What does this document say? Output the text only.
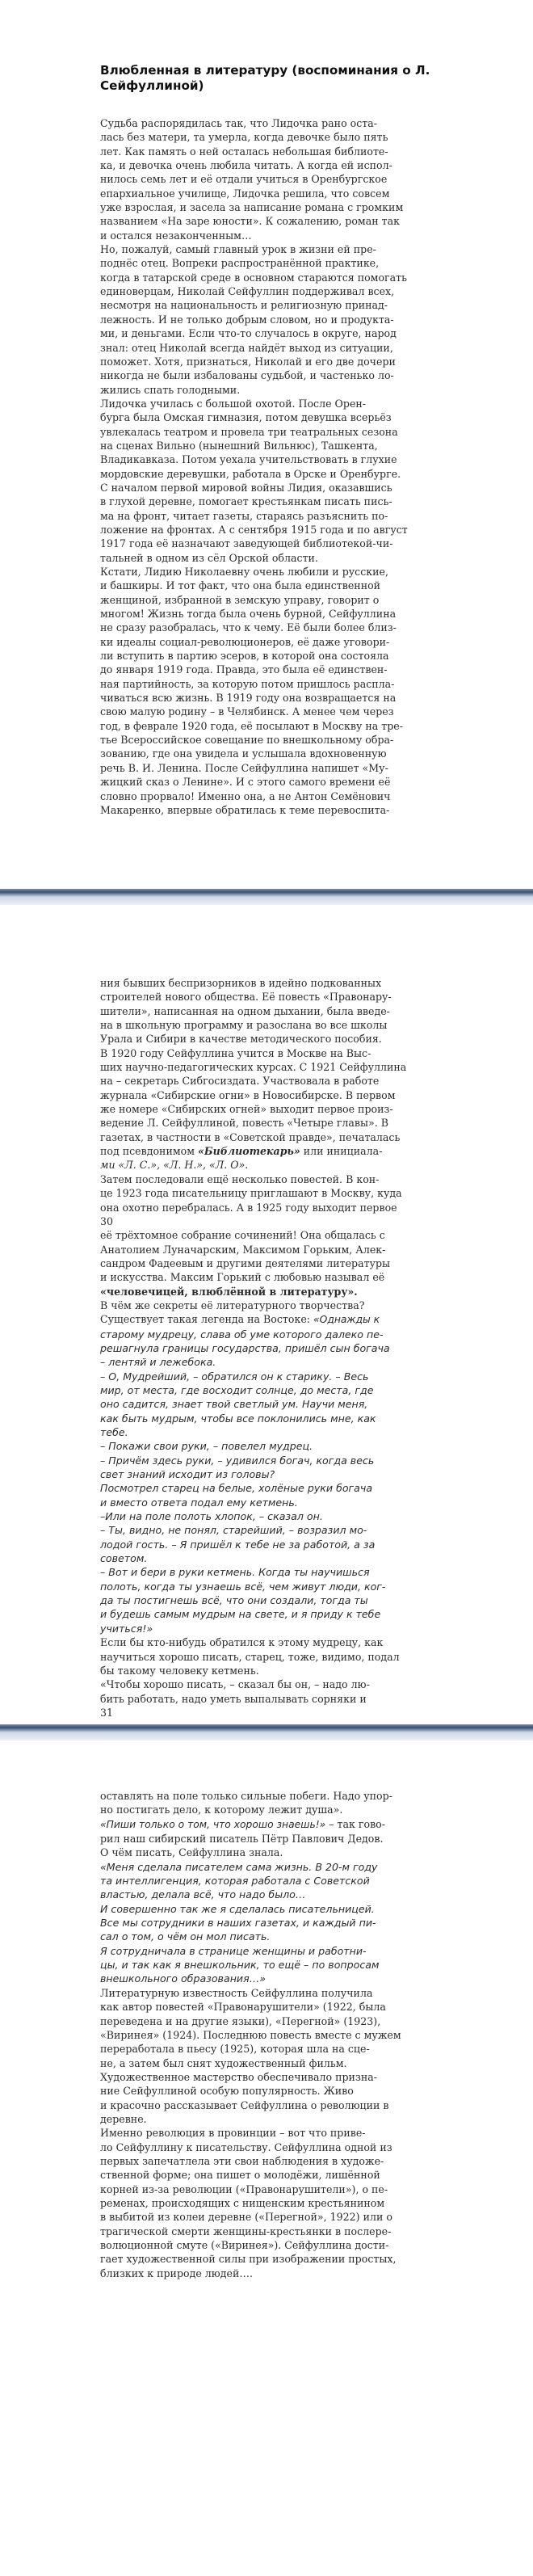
Влюбленная в литературу (воспоминания о Л. Сейфуллиной)

Судьба распорядилась так, что Лидочка рано оста-

лась без матери, та умерла, когда девочке было пять

лет. Как память о ней осталась небольшая библиоте-

ка, и девочка очень любила читать. А когда ей испол-

нилось семь лет и её отдали учиться в Оренбургское

епархиальное училище, Лидочка решила, что совсем

уже взрослая, и засела за написание романа с громким

названием «На заре юности». К сожалению, роман так

и остался незаконченным…

Но, пожалуй, самый главный урок в жизни ей пре-

поднёс отец. Вопреки распространённой практике,

когда в татарской среде в основном стараются помогать

единоверцам, Николай Сейфуллин поддерживал всех,

несмотря на национальность и религиозную принад-

лежность. И не только добрым словом, но и продукта-

ми, и деньгами. Если что-то случалось в округе, народ

знал: отец Николай всегда найдёт выход из ситуации,

поможет. Хотя, признаться, Николай и его две дочери

никогда не были избалованы судьбой, и частенько ло-

жились спать голодными.

Лидочка училась с большой охотой. После Орен-

бурга была Омская гимназия, потом девушка всерьёз

увлекалась театром и провела три театральных сезона

на сценах Вильно (нынешний Вильнюс), Ташкента,

Владикавказа. Потом уехала учительствовать в глухие

мордовские деревушки, работала в Орске и Оренбурге.

С началом первой мировой войны Лидия, оказавшись

в глухой деревне, помогает крестьянкам писать пись-

ма на фронт, читает газеты, стараясь разъяснить по-

ложение на фронтах. А с сентября 1915 года и по август

1917 года её назначают заведующей библиотекой-чи-

тальней в одном из сёл Орской области.

Кстати, Лидию Николаевну очень любили и русские,

и башкиры. И тот факт, что она была единственной

женщиной, избранной в земскую управу, говорит о

многом! Жизнь тогда была очень бурной, Сейфуллина

не сразу разобралась, что к чему. Её были более близ-

ки идеалы социал-революционеров, её даже уговори-

ли вступить в партию эсеров, в которой она состояла

до января 1919 года. Правда, это была её единствен-

ная партийность, за которую потом пришлось распла-

чиваться всю жизнь. В 1919 году она возвращается на

свою малую родину – в Челябинск. А менее чем через

год, в феврале 1920 года, её посылают в Москву на тре-

тье Всероссийское совещание по внешкольному обра-

зованию, где она увидела и услышала вдохновенную

речь В. И. Ленина. После Сейфуллина напишет «Му-

жицкий сказ о Ленине». И с этого самого времени её

словно прорвало! Именно она, а не Антон Семёнович

Макаренко, впервые обратилась к теме перевоспита-

ния бывших беспризорников в идейно подкованных

строителей нового общества. Её повесть «Правонару-

шители», написанная на одном дыхании, была введе-

на в школьную программу и разослана во все школы

Урала и Сибири в качестве методического пособия.

В 1920 году Сейфуллина учится в Москве на Выс-

ших научно-педагогических курсах. С 1921 Сейфуллина

на – секретарь Сибгосиздата. Участвовала в работе

журнала «Сибирские огни» в Новосибирске. В первом

же номере «Сибирских огней» выходит первое произ-

ведение Л. Сейфуллиной, повесть «Четыре главы». В

газетах, в частности в «Советской правде», печаталась

под псевдонимом «Библиотекарь» или инициала-

ми «Л. С.», «Л. Н.», «Л. О».

Затем последовали ещё несколько повестей. В кон-

це 1923 года писательницу приглашают в Москву, куда

она охотно перебралась. А в 1925 году выходит первое

30

её трёхтомное собрание сочинений! Она общалась с

Анатолием Луначарским, Максимом Горьким, Алек-

сандром Фадеевым и другими деятелями литературы

и искусства. Максим Горький с любовью называл её

«человечицей, влюблённой в литературу».

В чём же секреты её литературного творчества?

Существует такая легенда на Востоке: «Однажды к

старому мудрецу, слава об уме которого далеко пе-

решагнула границы государства, пришёл сын богача

– лентяй и лежебока.

– О, Мудрейший, – обратился он к старику. – Весь

мир, от места, где восходит солнце, до места, где

оно садится, знает твой светлый ум. Научи меня,

как быть мудрым, чтобы все поклонились мне, как

тебе.

– Покажи свои руки, – повелел мудрец.

– Причём здесь руки, – удивился богач, когда весь

свет знаний исходит из головы?

Посмотрел старец на белые, холёные руки богача

и вместо ответа подал ему кетмень.

–Или на поле полоть хлопок, – сказал он.

– Ты, видно, не понял, старейший, – возразил мо-

лодой гость. – Я пришёл к тебе не за работой, а за

советом.

– Вот и бери в руки кетмень. Когда ты научишься

полоть, когда ты узнаешь всё, чем живут люди, ког-

да ты постигнешь всё, что они создали, тогда ты

и будешь самым мудрым на свете, и я приду к тебе

учиться!»

Если бы кто-нибудь обратился к этому мудрецу, как

научиться хорошо писать, старец, тоже, видимо, подал

бы такому человеку кетмень.

«Чтобы хорошо писать, – сказал бы он, – надо лю-

бить работать, надо уметь выпалывать сорняки и

31

оставлять на поле только сильные побеги. Надо упор-

но постигать дело, к которому лежит душа».

«Пиши только о том, что хорошо знаешь!» – так гово-

рил наш сибирский писатель Пётр Павлович Дедов.

О чём писать, Сейфуллина знала.

«Меня сделала писателем сама жизнь. В 20-м году

та интеллигенция, которая работала с Советской

властью, делала всё, что надо было…

И совершенно так же я сделалась писательницей.

Все мы сотрудники в наших газетах, и каждый пи-

сал о том, о чём он мол писать.

Я сотрудничала в странице женщины и работни-

цы, и так как я внешкольник, то ещё – по вопросам

внешкольного образования…»

Литературную известность Сейфуллина получила

как автор повестей «Правонарушители» (1922, была

переведена и на другие языки), «Перегной» (1923),

«Виринея» (1924). Последнюю повесть вместе с мужем

переработала в пьесу (1925), которая шла на сце-

не, а затем был снят художественный фильм.

Художественное мастерство обеспечивало призна-

ние Сейфуллиной особую популярность. Живо

и красочно рассказывает Сейфуллина о революции в

деревне.

Именно революция в провинции – вот что приве-

ло Сейфуллину к писательству. Сейфуллина одной из

первых запечатлела эти свои наблюдения в художе-

ственной форме; она пишет о молодёжи, лишённой

корней из-за революции («Правонарушители»), о пе-

ременах, происходящих с нищенским крестьянином

в выбитой из колеи деревне («Перегной», 1922) или о

трагической смерти женщины-крестьянки в послере-

волюционной смуте («Виринея»). Сейфуллина дости-

гает художественной силы при изображении простых,

близких к природе людей….
